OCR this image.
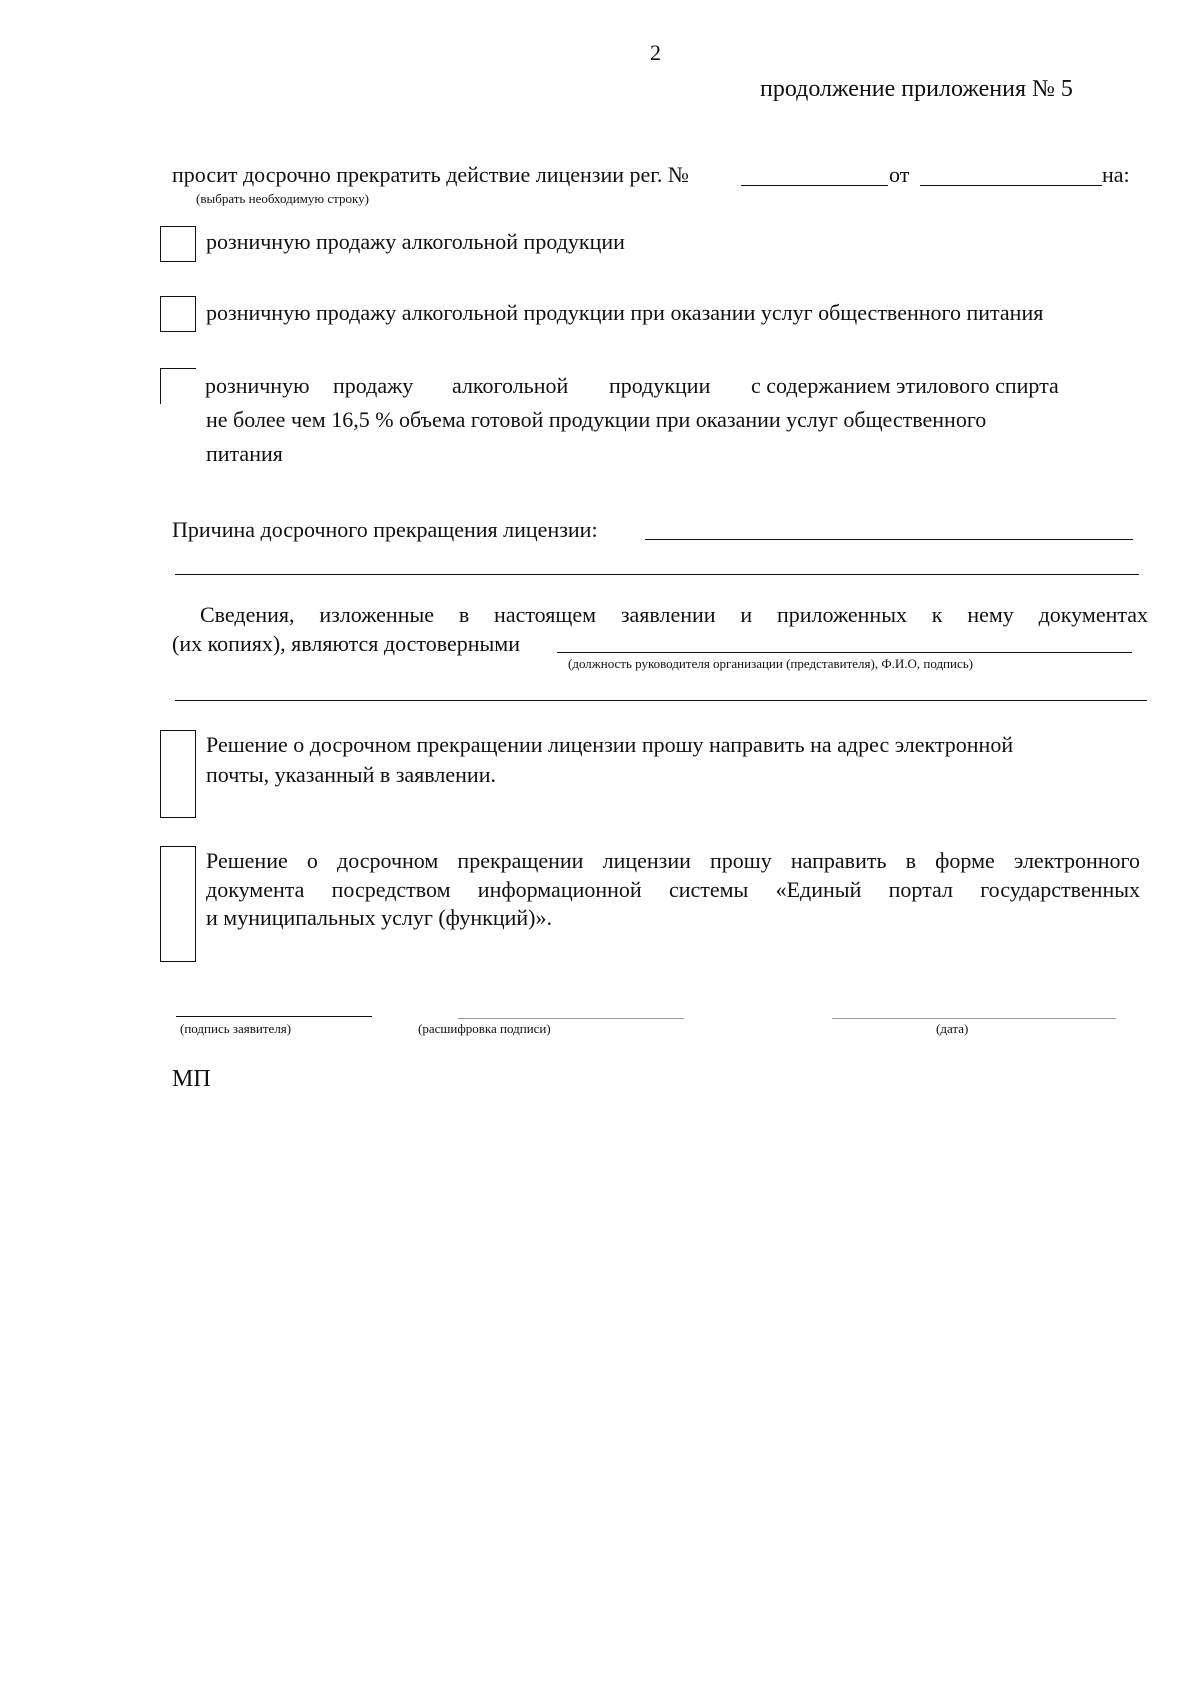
2
продолжение приложения № 5
просит досрочно прекратить действие лицензии рег. №	от	на:
(выбрать необходимую строку)
розничную продажу алкогольной продукции
розничную продажу алкогольной продукции при оказании услуг общественного питания
розничную продажу алкогольной продукции с содержанием этилового спирта
не более чем 16,5 % объема готовой продукции при оказании услуг общественного
питания
Причина досрочного прекращения лицензии:
Сведения, изложенные в настоящем заявлении и приложенных к нему документах
(их копиях), являются достоверными
(должность руководителя организации (представителя), Ф.И.О, подпись)
Решение о досрочном прекращении лицензии прошу направить на адрес электронной
почты, указанный в заявлении.
Решение о досрочном прекращении лицензии прошу направить в форме электронного
документа посредством информационной системы «Единый портал государственных
и муниципальных услуг (функций)».
(подпись заявителя)	(расшифровка подписи)	(дата)
МП
